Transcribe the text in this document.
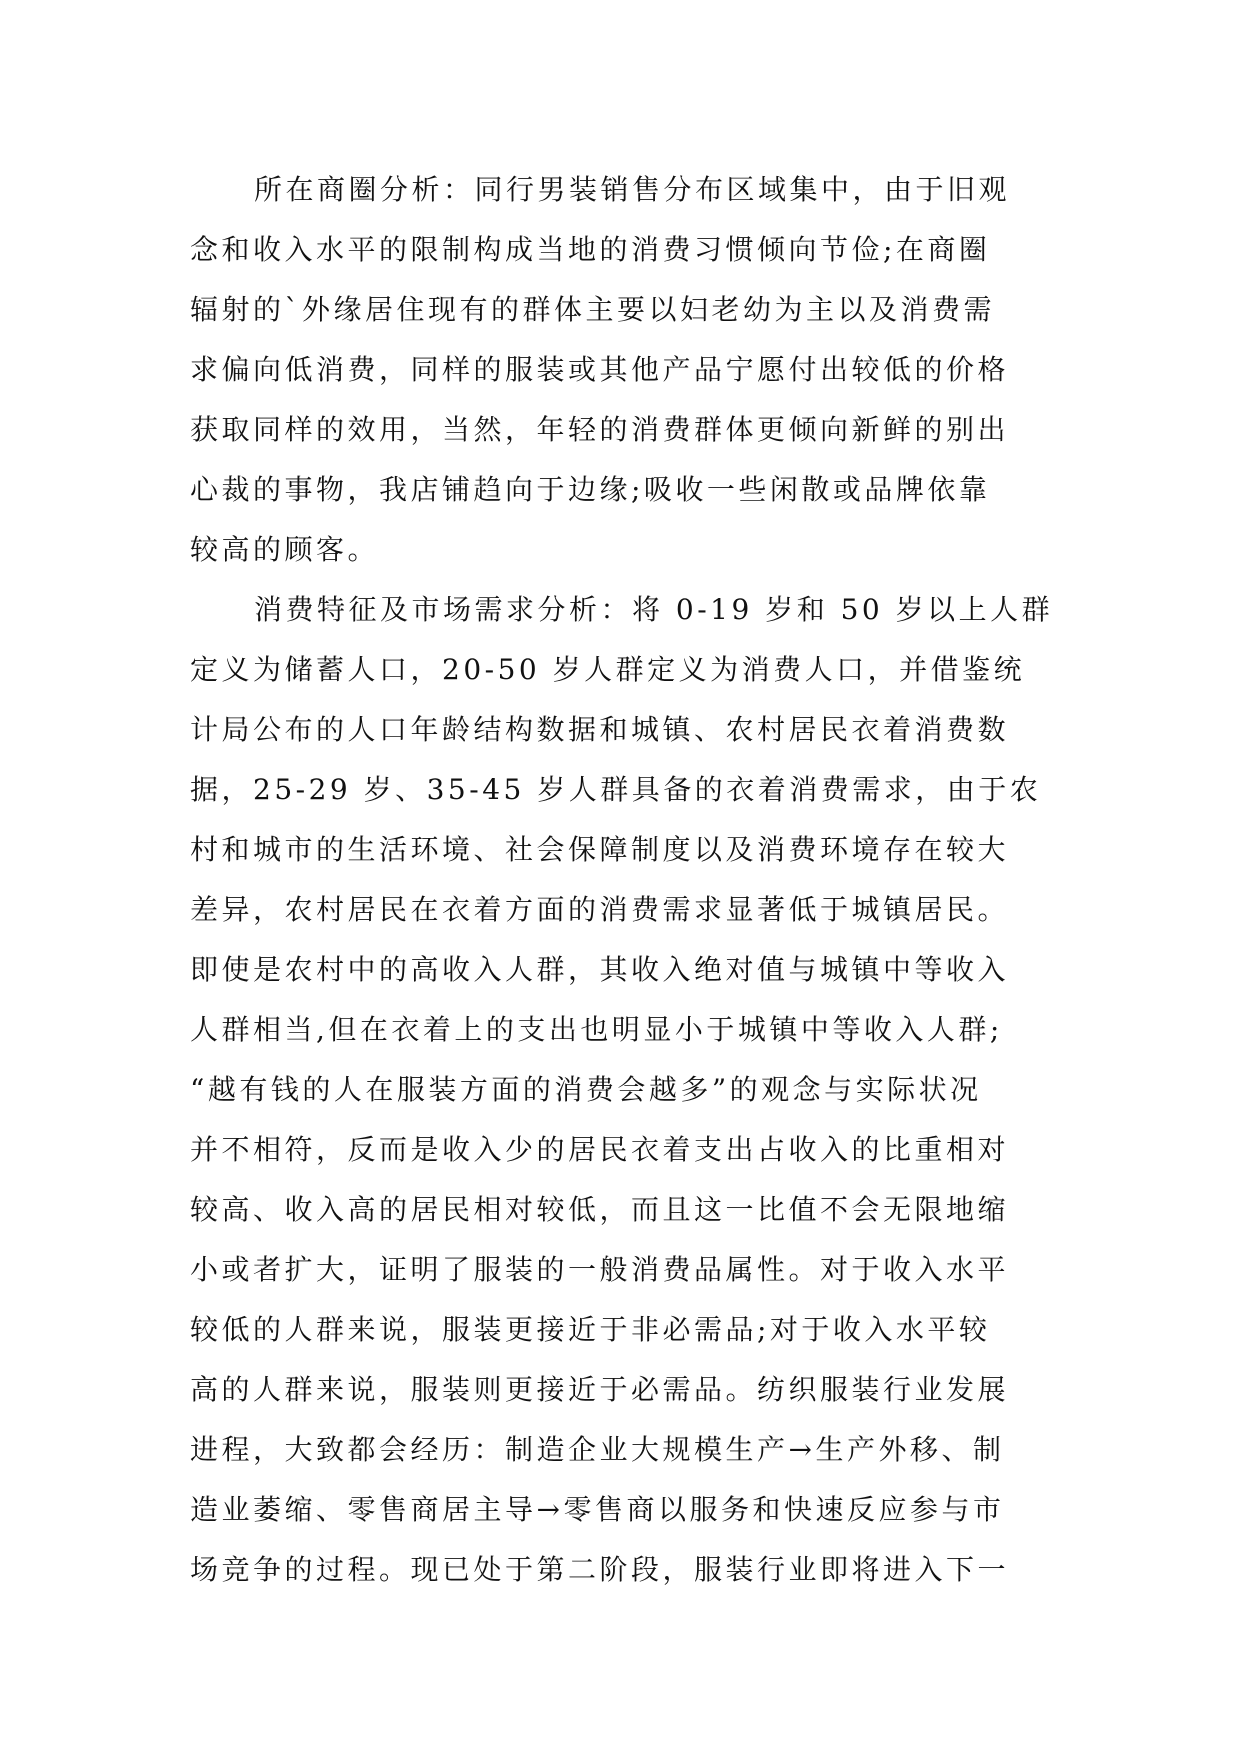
所在商圈分析：同行男装销售分布区域集中，由于旧观
念和收入水平的限制构成当地的消费习惯倾向节俭;在商圈
辐射的`外缘居住现有的群体主要以妇老幼为主以及消费需
求偏向低消费，同样的服装或其他产品宁愿付出较低的价格
获取同样的效用，当然，年轻的消费群体更倾向新鲜的别出
心裁的事物，我店铺趋向于边缘;吸收一些闲散或品牌依靠
较高的顾客。
消费特征及市场需求分析：将 0-19 岁和 50 岁以上人群
定义为储蓄人口，20-50 岁人群定义为消费人口，并借鉴统
计局公布的人口年龄结构数据和城镇、农村居民衣着消费数
据，25-29 岁、35-45 岁人群具备的衣着消费需求，由于农
村和城市的生活环境、社会保障制度以及消费环境存在较大
差异，农村居民在衣着方面的消费需求显著低于城镇居民。
即使是农村中的高收入人群，其收入绝对值与城镇中等收入
人群相当,但在衣着上的支出也明显小于城镇中等收入人群;
“越有钱的人在服装方面的消费会越多”的观念与实际状况
并不相符，反而是收入少的居民衣着支出占收入的比重相对
较高、收入高的居民相对较低，而且这一比值不会无限地缩
小或者扩大，证明了服装的一般消费品属性。对于收入水平
较低的人群来说，服装更接近于非必需品;对于收入水平较
高的人群来说，服装则更接近于必需品。纺织服装行业发展
进程，大致都会经历：制造企业大规模生产→生产外移、制
造业萎缩、零售商居主导→零售商以服务和快速反应参与市
场竞争的过程。现已处于第二阶段，服装行业即将进入下一
